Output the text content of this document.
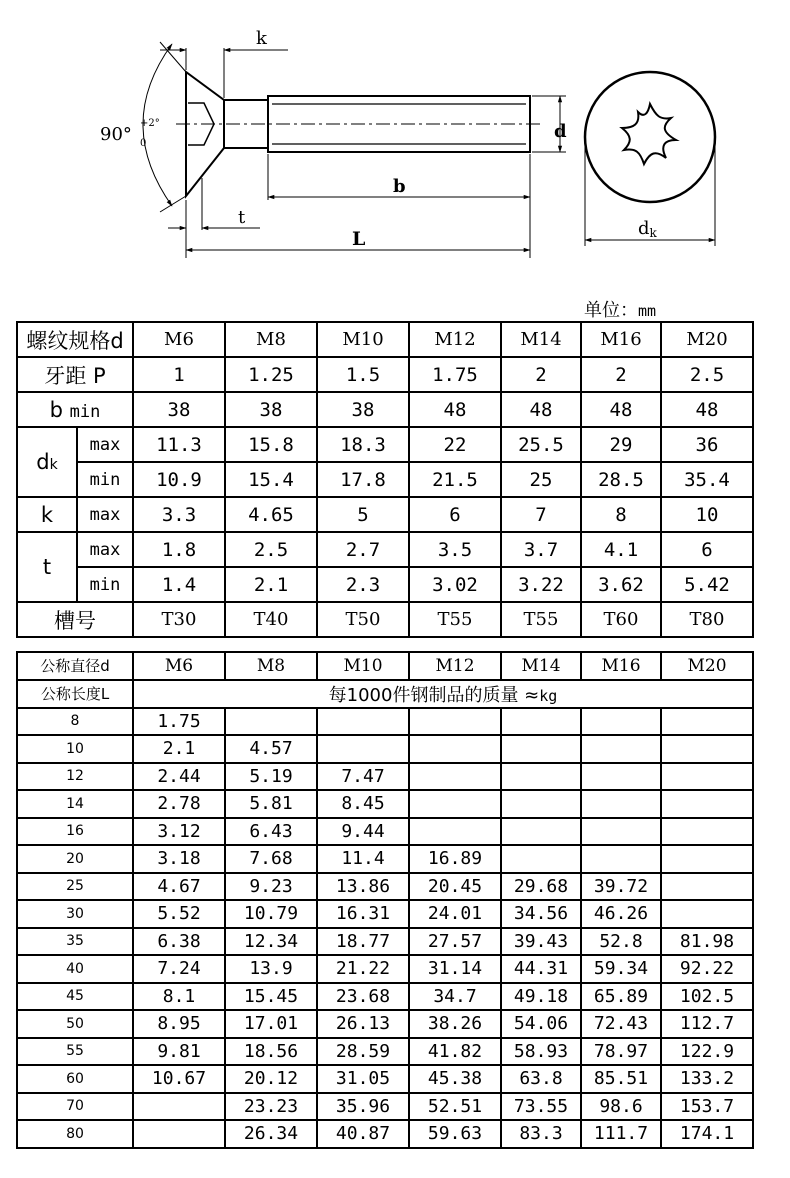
90°
+2°
0
k
d
b
t
L	dk
单位：mm
螺纹规格d		M6	M8	M10	M12	M14	M16	M20
牙距 P		1	1.25	1.5	1.75	2	2	2.5
b min		38	38	38	48	48	48	48
dk	max	11.3	15.8	18.3	22	25.5	29	36
	min	10.9	15.4	17.8	21.5	25	28.5	35.4
k	max	3.3	4.65	5	6	7	8	10
t	max	1.8	2.5	2.7	3.5	3.7	4.1	6
	min	1.4	2.1	2.3	3.02	3.22	3.62	5.42
槽号		T30	T40	T50	T55	T55	T60	T80
公称直径d	M6	M8	M10	M12	M14	M16	M20
公称长度L	每1000件钢制品的质量 ≈kg						
8	1.75						
10	2.1	4.57					
12	2.44	5.19	7.47				
14	2.78	5.81	8.45				
16	3.12	6.43	9.44				
20	3.18	7.68	11.4	16.89			
25	4.67	9.23	13.86	20.45	29.68	39.72	
30	5.52	10.79	16.31	24.01	34.56	46.26	
35	6.38	12.34	18.77	27.57	39.43	52.8	81.98
40	7.24	13.9	21.22	31.14	44.31	59.34	92.22
45	8.1	15.45	23.68	34.7	49.18	65.89	102.5
50	8.95	17.01	26.13	38.26	54.06	72.43	112.7
55	9.81	18.56	28.59	41.82	58.93	78.97	122.9
60	10.67	20.12	31.05	45.38	63.8	85.51	133.2
70		23.23	35.96	52.51	73.55	98.6	153.7
80		26.34	40.87	59.63	83.3	111.7	174.1
